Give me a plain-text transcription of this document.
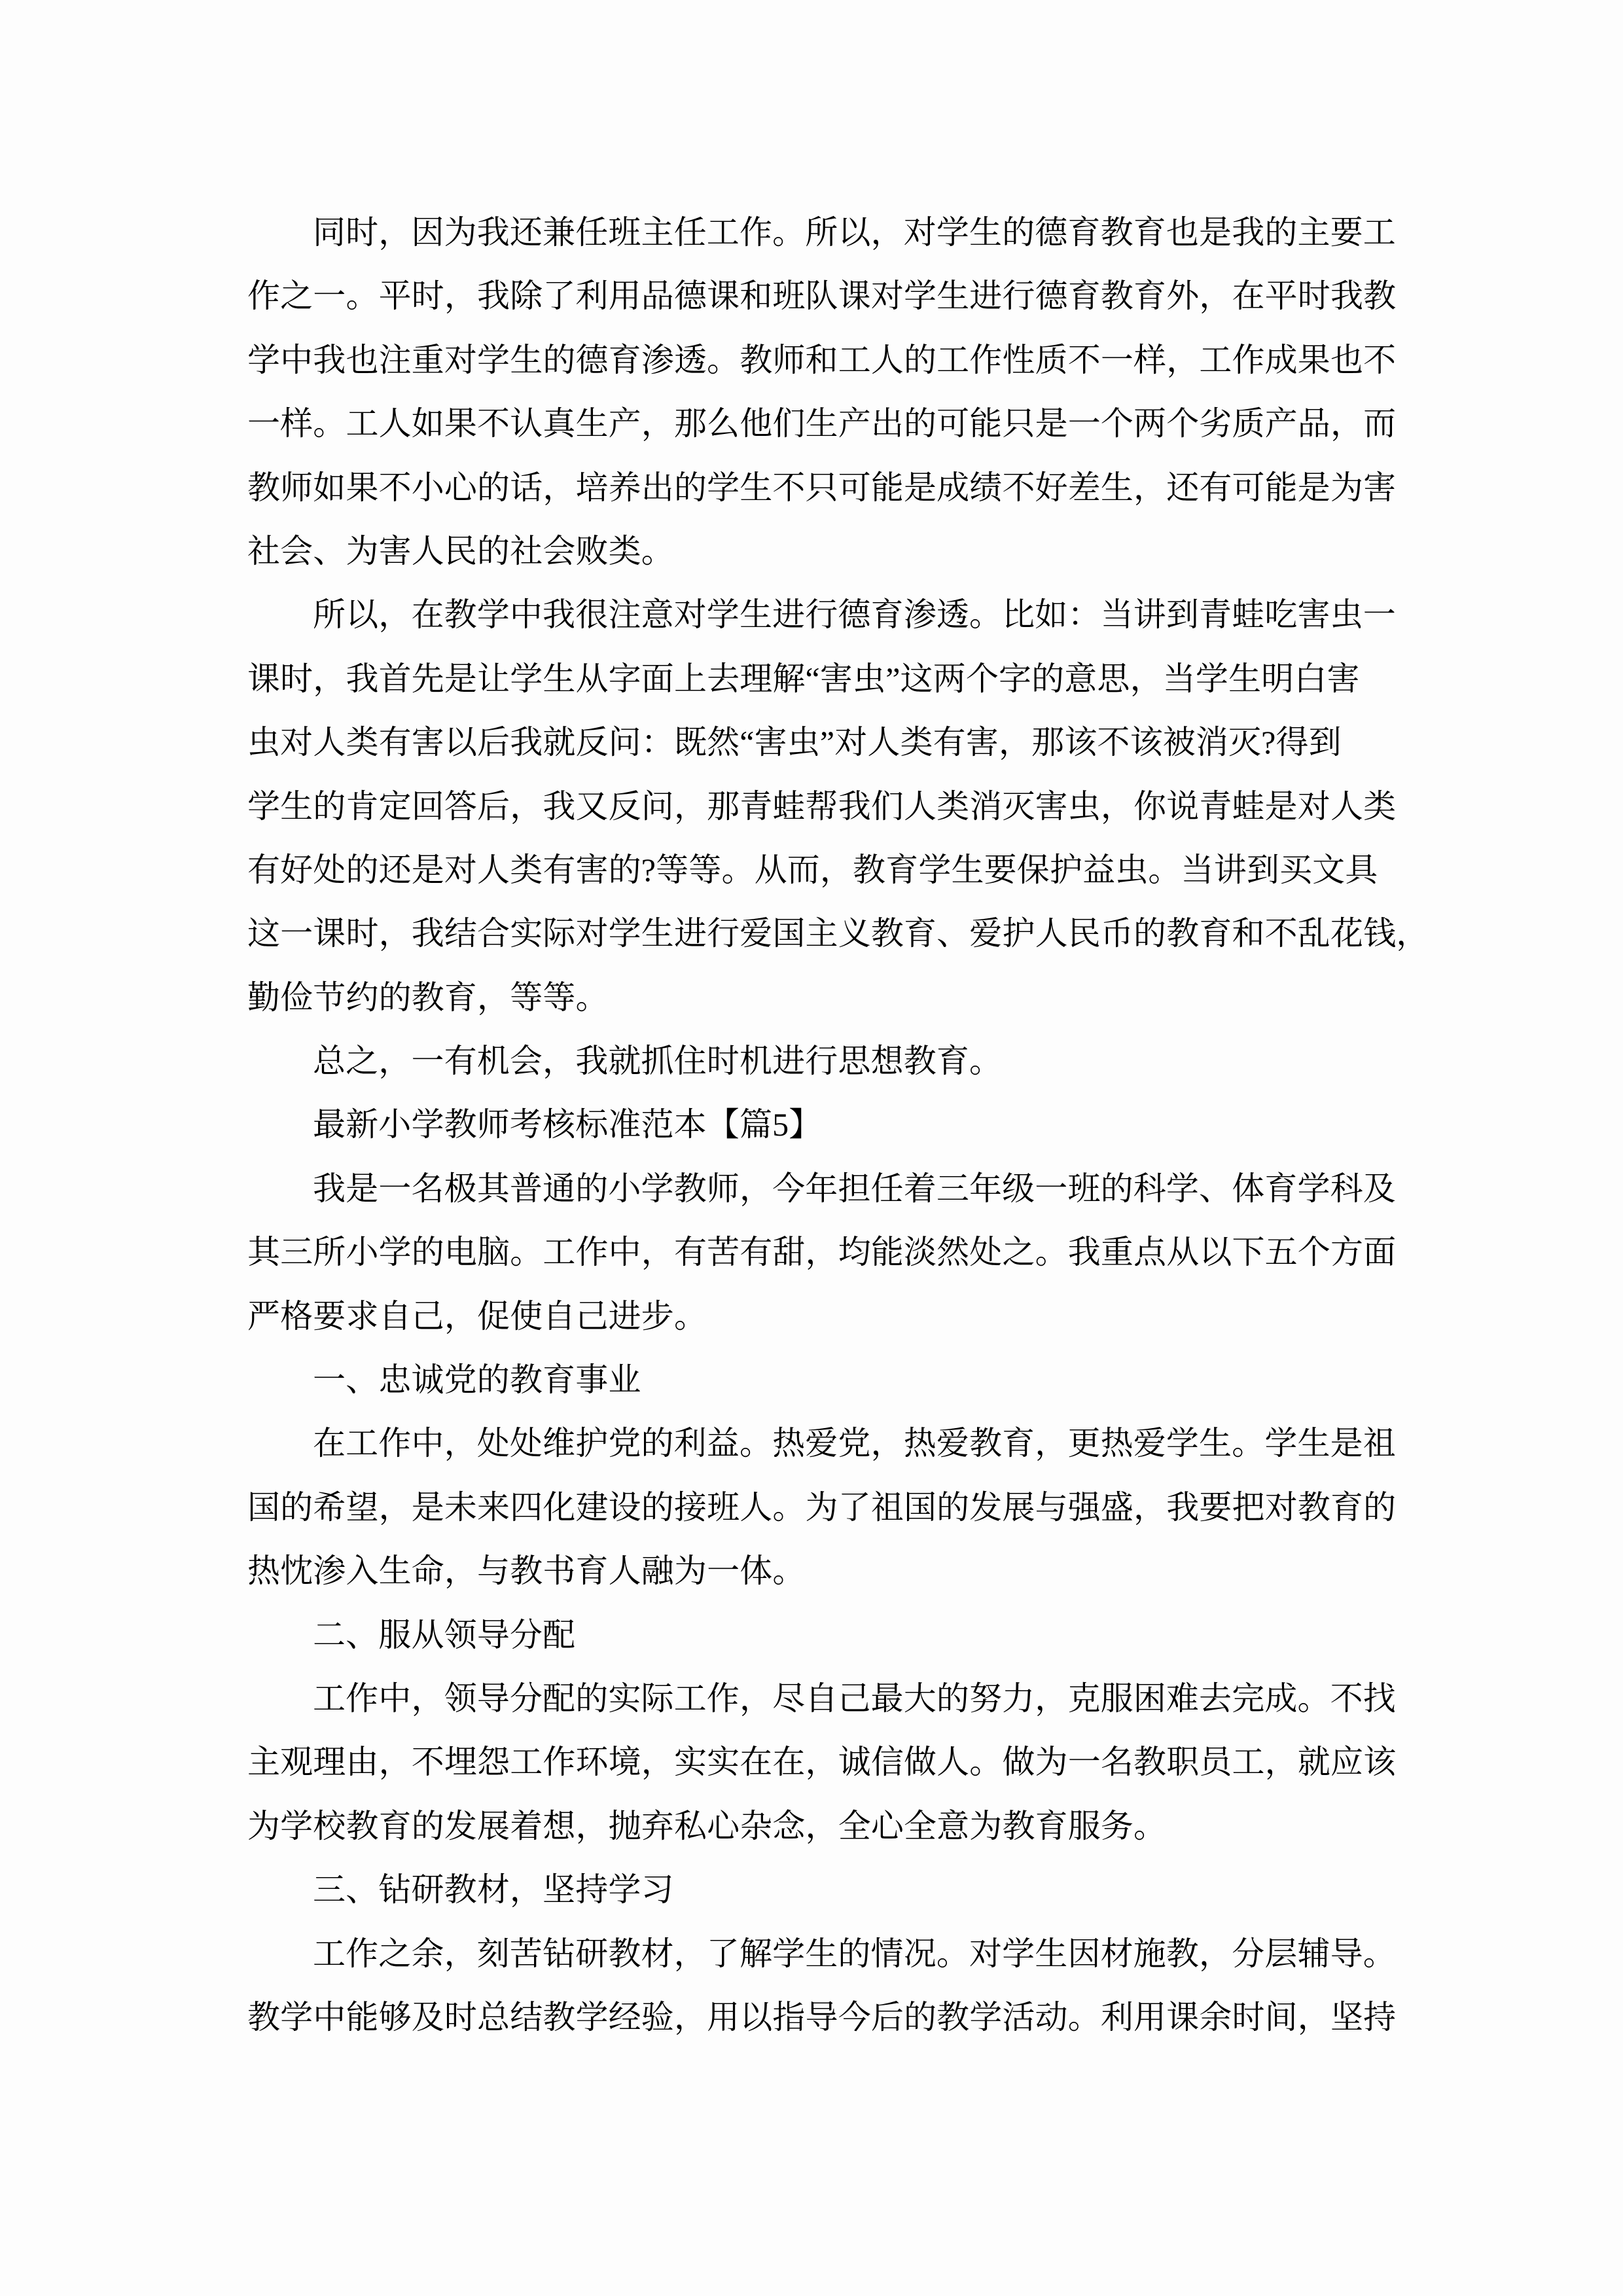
同时，因为我还兼任班主任工作。所以，对学生的德育教育也是我的主要工
作之一。平时，我除了利用品德课和班队课对学生进行德育教育外，在平时我教
学中我也注重对学生的德育渗透。教师和工人的工作性质不一样，工作成果也不
一样。工人如果不认真生产，那么他们生产出的可能只是一个两个劣质产品，而
教师如果不小心的话，培养出的学生不只可能是成绩不好差生，还有可能是为害
社会、为害人民的社会败类。

所以，在教学中我很注意对学生进行德育渗透。比如：当讲到青蛙吃害虫一
课时，我首先是让学生从字面上去理解“害虫”这两个字的意思，当学生明白害
虫对人类有害以后我就反问：既然“害虫”对人类有害，那该不该被消灭?得到
学生的肯定回答后，我又反问，那青蛙帮我们人类消灭害虫，你说青蛙是对人类
有好处的还是对人类有害的?等等。从而，教育学生要保护益虫。当讲到买文具
这一课时，我结合实际对学生进行爱国主义教育、爱护人民币的教育和不乱花钱，
勤俭节约的教育，等等。

总之，一有机会，我就抓住时机进行思想教育。

最新小学教师考核标准范本【篇5】

我是一名极其普通的小学教师，今年担任着三年级一班的科学、体育学科及
其三所小学的电脑。工作中，有苦有甜，均能淡然处之。我重点从以下五个方面
严格要求自己，促使自己进步。

一、忠诚党的教育事业

在工作中，处处维护党的利益。热爱党，热爱教育，更热爱学生。学生是祖
国的希望，是未来四化建设的接班人。为了祖国的发展与强盛，我要把对教育的
热忱渗入生命，与教书育人融为一体。

二、服从领导分配

工作中，领导分配的实际工作，尽自己最大的努力，克服困难去完成。不找
主观理由，不埋怨工作环境，实实在在，诚信做人。做为一名教职员工，就应该
为学校教育的发展着想，抛弃私心杂念，全心全意为教育服务。

三、钻研教材，坚持学习

工作之余，刻苦钻研教材，了解学生的情况。对学生因材施教，分层辅导。
教学中能够及时总结教学经验，用以指导今后的教学活动。利用课余时间，坚持
